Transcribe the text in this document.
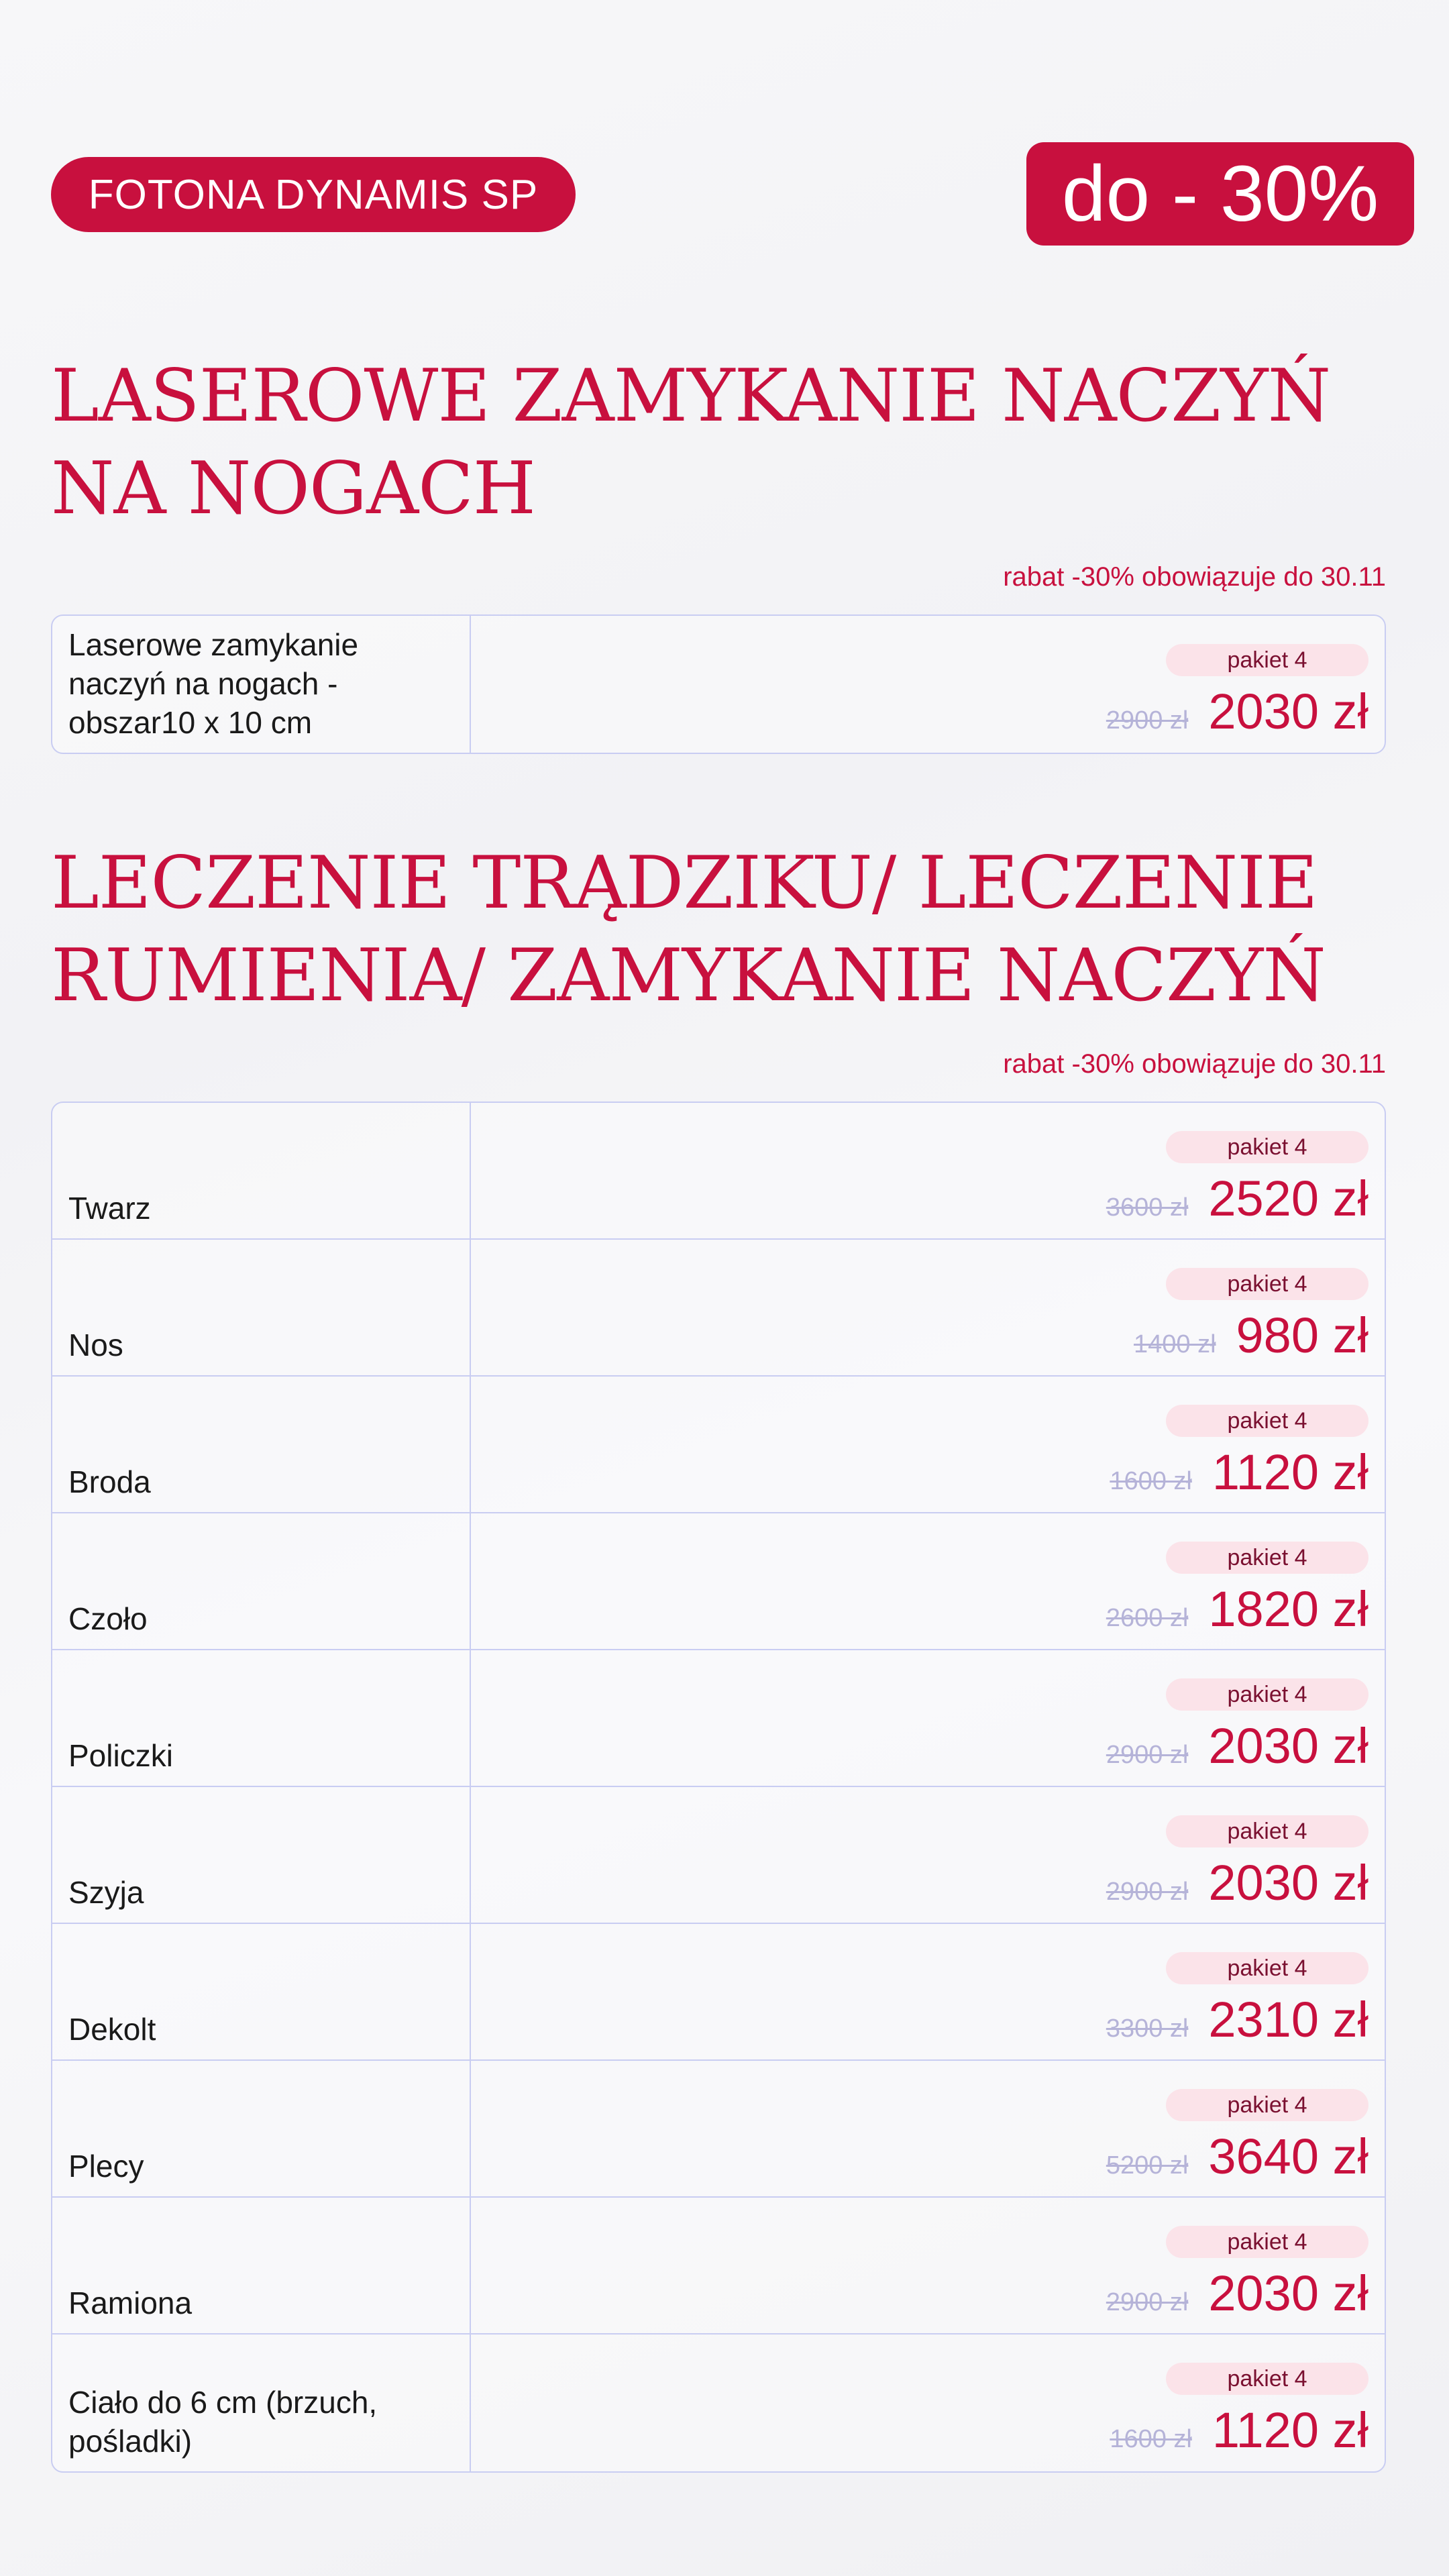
FOTONA DYNAMIS SP	do - 30%
LASEROWE ZAMYKANIE NACZYŃ NA NOGACH
rabat -30% obowiązuje do 30.11
Laserowe zamykanie naczyń na nogach - obszar10 x 10 cm
pakiet 4
2900 zł 2030 zł
LECZENIE TRĄDZIKU/ LECZENIE RUMIENIA/ ZAMYKANIE NACZYŃ
rabat -30% obowiązuje do 30.11
Twarz
pakiet 4
3600 zł 2520 zł
Nos
pakiet 4
1400 zł 980 zł
Broda
pakiet 4
1600 zł 1120 zł
Czoło
pakiet 4
2600 zł 1820 zł
Policzki
pakiet 4
2900 zł 2030 zł
Szyja
pakiet 4
2900 zł 2030 zł
Dekolt
pakiet 4
3300 zł 2310 zł
Plecy
pakiet 4
5200 zł 3640 zł
Ramiona
pakiet 4
2900 zł 2030 zł
Ciało do 6 cm (brzuch, pośladki)
pakiet 4
1600 zł 1120 zł
